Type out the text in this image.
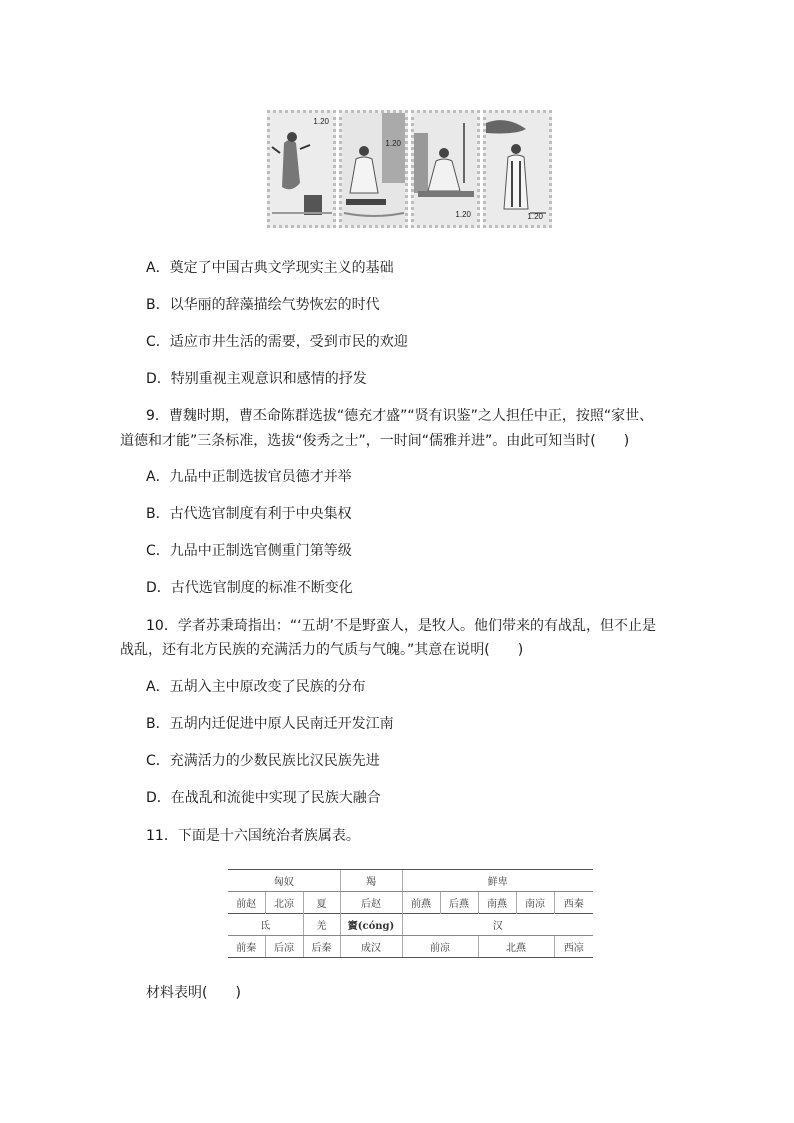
1.20
1.20
1.20	1.20
A．奠定了中国古典文学现实主义的基础
B．以华丽的辞藻描绘气势恢宏的时代
C．适应市井生活的需要，受到市民的欢迎
D．特别重视主观意识和感情的抒发
9．曹魏时期，曹丕命陈群选拔“德充才盛”“贤有识鉴”之人担任中正，按照“家世、
道德和才能”三条标准，选拔“俊秀之士”，一时间“儒雅并进”。由此可知当时(　　)
A．九品中正制选拔官员德才并举
B．古代选官制度有利于中央集权
C．九品中正制选官侧重门第等级
D．古代选官制度的标准不断变化
10．学者苏秉琦指出：“‘五胡’不是野蛮人，是牧人。他们带来的有战乱，但不止是
战乱，还有北方民族的充满活力的气质与气魄。”其意在说明(　　)
A．五胡入主中原改变了民族的分布
B．五胡内迁促进中原人民南迁开发江南
C．充满活力的少数民族比汉民族先进
D．在战乱和流徙中实现了民族大融合
11．下面是十六国统治者族属表。
匈奴			羯	鲜卑				
前赵	北凉	夏	后赵	前燕	后燕	南燕	南凉	西秦
氐		羌	賨(cóng)	汉				
前秦	后凉	后秦	成汉	前凉		北燕		西凉
材料表明(　　)
